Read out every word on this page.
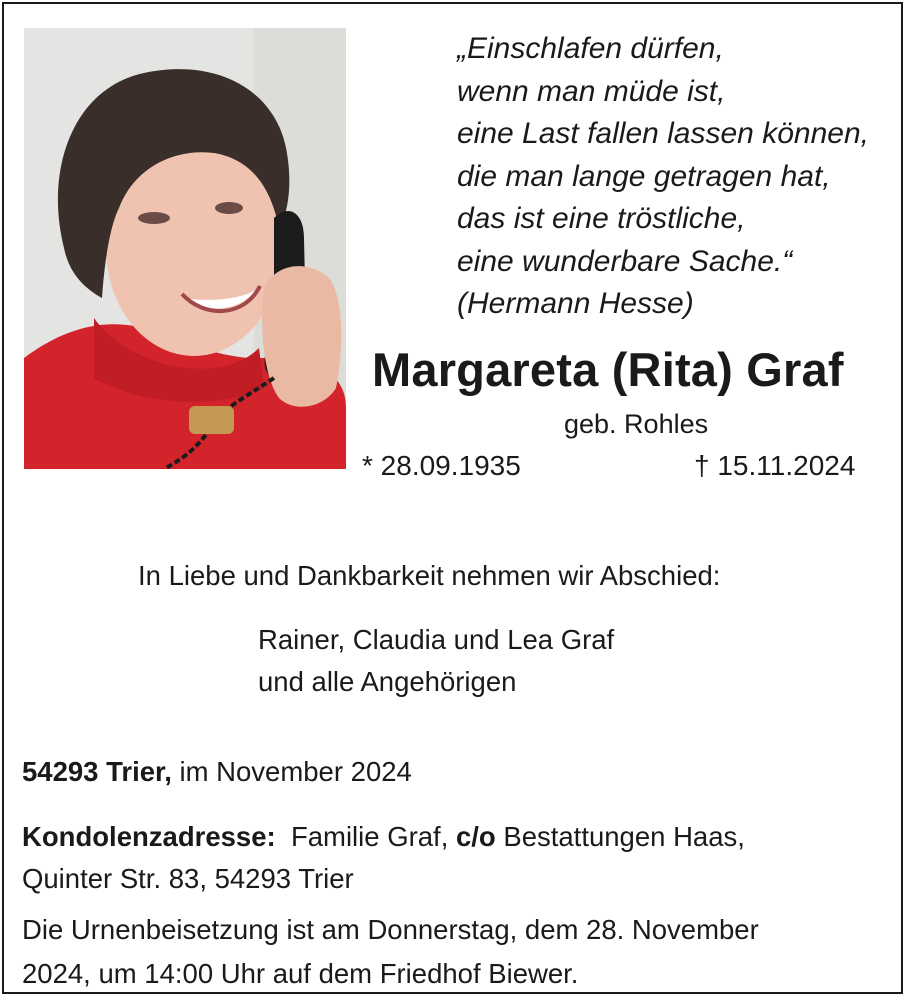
„Einschlafen dürfen,
wenn man müde ist,
eine Last fallen lassen können,
die man lange getragen hat,
das ist eine tröstliche,
eine wunderbare Sache.“
(Hermann Hesse)
Margareta (Rita) Graf
geb. Rohles
* 28.09.1935	† 15.11.2024
In Liebe und Dankbarkeit nehmen wir Abschied:
Rainer, Claudia und Lea Graf
und alle Angehörigen
54293 Trier, im November 2024
Kondolenzadresse:  Familie Graf, c/o Bestattungen Haas,
Quinter Str. 83, 54293 Trier
Die Urnenbeisetzung ist am Donnerstag, dem 28. November
2024, um 14:00 Uhr auf dem Friedhof Biewer.
